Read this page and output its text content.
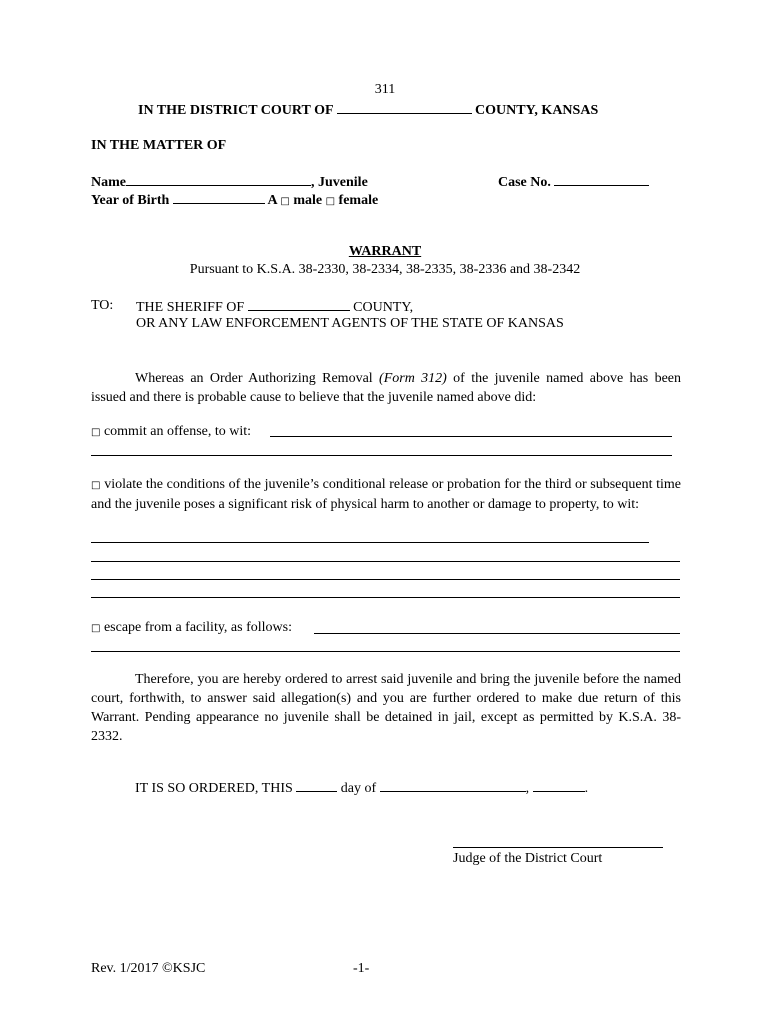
311
IN THE DISTRICT COURT OF	COUNTY, KANSAS
IN THE MATTER OF
Name	, Juvenile	Case No.
Year of Birth	A □ male □ female
WARRANT
Pursuant to K.S.A. 38-2330, 38-2334, 38-2335, 38-2336 and 38-2342
TO: THE SHERIFF OF	COUNTY,
OR ANY LAW ENFORCEMENT AGENTS OF THE STATE OF KANSAS
Whereas an Order Authorizing Removal (Form 312) of the juvenile named above has been issued and there is probable cause to believe that the juvenile named above did:
□ commit an offense, to wit:
□ violate the conditions of the juvenile’s conditional release or probation for the third or subsequent time and the juvenile poses a significant risk of physical harm to another or damage to property, to wit:
□ escape from a facility, as follows:
Therefore, you are hereby ordered to arrest said juvenile and bring the juvenile before the named court, forthwith, to answer said allegation(s) and you are further ordered to make due return of this Warrant. Pending appearance no juvenile shall be detained in jail, except as permitted by K.S.A. 38-2332.
IT IS SO ORDERED, THIS	day of	,	.
Judge of the District Court
Rev. 1/2017 ©KSJC	-1-
